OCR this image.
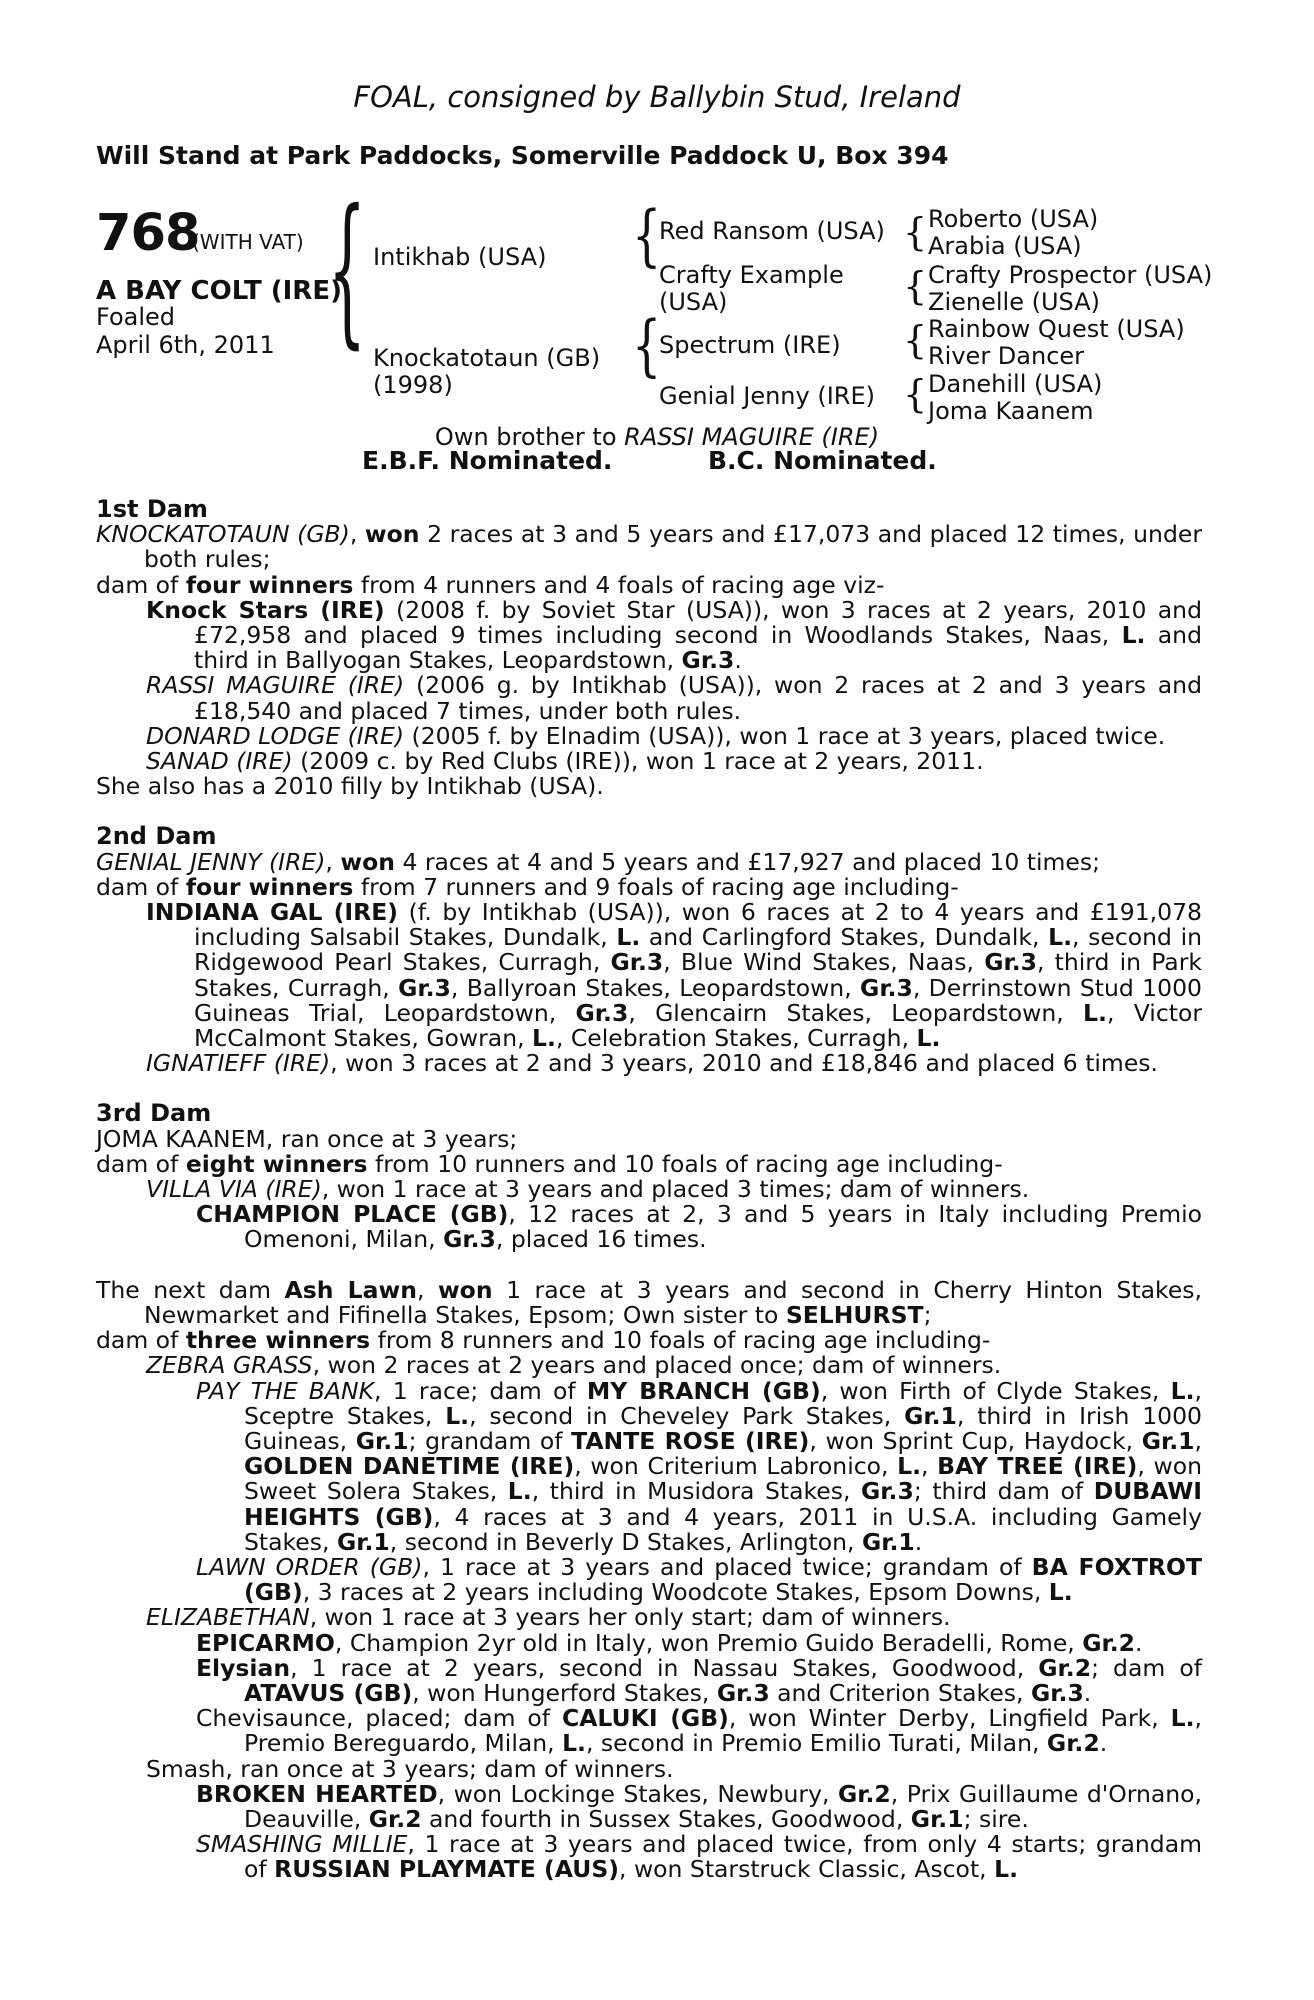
FOAL, consigned by Ballybin Stud, Ireland
Will Stand at Park Paddocks, Somerville Paddock U, Box 394
768
(WITH VAT)
A BAY COLT (IRE)
Foaled
April 6th, 2011 {	{
{
{
{
{
{
Intikhab (USA)
Knockatotaun (GB)
(1998)
Red Ransom (USA)
Crafty Example
(USA)
Spectrum (IRE)
Genial Jenny (IRE)
Roberto (USA)
Arabia (USA)
Crafty Prospector (USA)
Zienelle (USA)
Rainbow Quest (USA)
River Dancer
Danehill (USA)
Joma Kaanem
Own brother to RASSI MAGUIRE (IRE)
E.B.F. Nominated.	B.C. Nominated.

1st Dam

KNOCKATOTAUN (GB), won 2 races at 3 and 5 years and £17,073 and placed 12 times, under both rules;

dam of four winners from 4 runners and 4 foals of racing age viz-

Knock Stars (IRE) (2008 f. by Soviet Star (USA)), won 3 races at 2 years, 2010 and £72,958 and placed 9 times including second in Woodlands Stakes, Naas, L. and third in Ballyogan Stakes, Leopardstown, Gr.3.

RASSI MAGUIRE (IRE) (2006 g. by Intikhab (USA)), won 2 races at 2 and 3 years and £18,540 and placed 7 times, under both rules.

DONARD LODGE (IRE) (2005 f. by Elnadim (USA)), won 1 race at 3 years, placed twice.

SANAD (IRE) (2009 c. by Red Clubs (IRE)), won 1 race at 2 years, 2011.

She also has a 2010 filly by Intikhab (USA).

2nd Dam

GENIAL JENNY (IRE), won 4 races at 4 and 5 years and £17,927 and placed 10 times;

dam of four winners from 7 runners and 9 foals of racing age including-

INDIANA GAL (IRE) (f. by Intikhab (USA)), won 6 races at 2 to 4 years and £191,078 including Salsabil Stakes, Dundalk, L. and Carlingford Stakes, Dundalk, L., second in Ridgewood Pearl Stakes, Curragh, Gr.3, Blue Wind Stakes, Naas, Gr.3, third in Park Stakes, Curragh, Gr.3, Ballyroan Stakes, Leopardstown, Gr.3, Derrinstown Stud 1000 Guineas Trial, Leopardstown, Gr.3, Glencairn Stakes, Leopardstown, L., Victor McCalmont Stakes, Gowran, L., Celebration Stakes, Curragh, L.

IGNATIEFF (IRE), won 3 races at 2 and 3 years, 2010 and £18,846 and placed 6 times.

3rd Dam

JOMA KAANEM, ran once at 3 years;

dam of eight winners from 10 runners and 10 foals of racing age including-

VILLA VIA (IRE), won 1 race at 3 years and placed 3 times; dam of winners.

CHAMPION PLACE (GB), 12 races at 2, 3 and 5 years in Italy including Premio Omenoni, Milan, Gr.3, placed 16 times.

The next dam Ash Lawn, won 1 race at 3 years and second in Cherry Hinton Stakes, Newmarket and Fifinella Stakes, Epsom; Own sister to SELHURST;

dam of three winners from 8 runners and 10 foals of racing age including-

ZEBRA GRASS, won 2 races at 2 years and placed once; dam of winners.

PAY THE BANK, 1 race; dam of MY BRANCH (GB), won Firth of Clyde Stakes, L., Sceptre Stakes, L., second in Cheveley Park Stakes, Gr.1, third in Irish 1000 Guineas, Gr.1; grandam of TANTE ROSE (IRE), won Sprint Cup, Haydock, Gr.1, GOLDEN DANETIME (IRE), won Criterium Labronico, L., BAY TREE (IRE), won Sweet Solera Stakes, L., third in Musidora Stakes, Gr.3; third dam of DUBAWI HEIGHTS (GB), 4 races at 3 and 4 years, 2011 in U.S.A. including Gamely Stakes, Gr.1, second in Beverly D Stakes, Arlington, Gr.1.

LAWN ORDER (GB), 1 race at 3 years and placed twice; grandam of BA FOXTROT (GB), 3 races at 2 years including Woodcote Stakes, Epsom Downs, L.

ELIZABETHAN, won 1 race at 3 years her only start; dam of winners.

EPICARMO, Champion 2yr old in Italy, won Premio Guido Beradelli, Rome, Gr.2.

Elysian, 1 race at 2 years, second in Nassau Stakes, Goodwood, Gr.2; dam of ATAVUS (GB), won Hungerford Stakes, Gr.3 and Criterion Stakes, Gr.3.

Chevisaunce, placed; dam of CALUKI (GB), won Winter Derby, Lingfield Park, L., Premio Bereguardo, Milan, L., second in Premio Emilio Turati, Milan, Gr.2.

Smash, ran once at 3 years; dam of winners.

BROKEN HEARTED, won Lockinge Stakes, Newbury, Gr.2, Prix Guillaume d'Ornano, Deauville, Gr.2 and fourth in Sussex Stakes, Goodwood, Gr.1; sire.

SMASHING MILLIE, 1 race at 3 years and placed twice, from only 4 starts; grandam of RUSSIAN PLAYMATE (AUS), won Starstruck Classic, Ascot, L.
